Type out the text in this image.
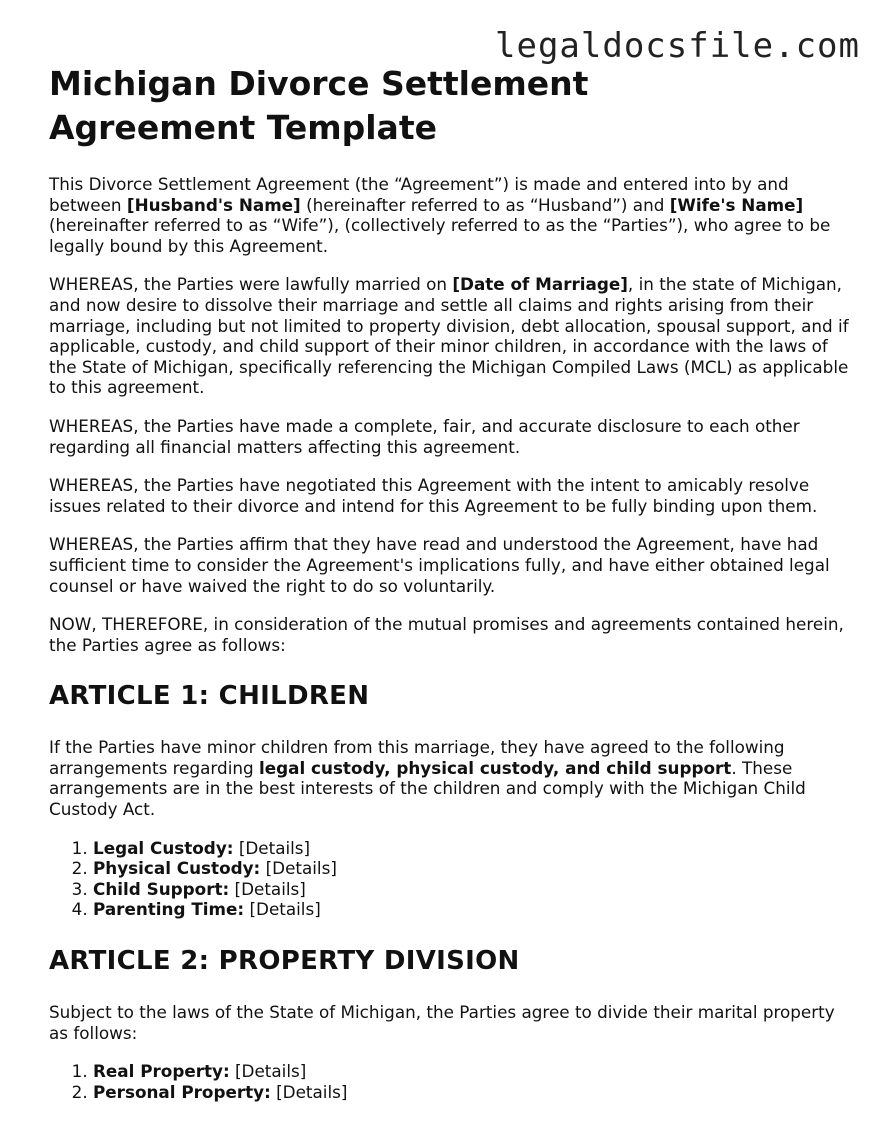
legaldocsfile.com
Michigan Divorce Settlement Agreement Template

This Divorce Settlement Agreement (the “Agreement”) is made and entered into by and between [Husband's Name] (hereinafter referred to as “Husband”) and [Wife's Name] (hereinafter referred to as “Wife”), (collectively referred to as the “Parties”), who agree to be legally bound by this Agreement.

WHEREAS, the Parties were lawfully married on [Date of Marriage], in the state of Michigan, and now desire to dissolve their marriage and settle all claims and rights arising from their marriage, including but not limited to property division, debt allocation, spousal support, and if applicable, custody, and child support of their minor children, in accordance with the laws of the State of Michigan, specifically referencing the Michigan Compiled Laws (MCL) as applicable to this agreement.

WHEREAS, the Parties have made a complete, fair, and accurate disclosure to each other regarding all financial matters affecting this agreement.

WHEREAS, the Parties have negotiated this Agreement with the intent to amicably resolve issues related to their divorce and intend for this Agreement to be fully binding upon them.

WHEREAS, the Parties affirm that they have read and understood the Agreement, have had sufficient time to consider the Agreement's implications fully, and have either obtained legal counsel or have waived the right to do so voluntarily.

NOW, THEREFORE, in consideration of the mutual promises and agreements contained herein, the Parties agree as follows:

ARTICLE 1: CHILDREN

If the Parties have minor children from this marriage, they have agreed to the following arrangements regarding legal custody, physical custody, and child support. These arrangements are in the best interests of the children and comply with the Michigan Child Custody Act.

1. Legal Custody: [Details]
2. Physical Custody: [Details]
3. Child Support: [Details]
4. Parenting Time: [Details]
ARTICLE 2: PROPERTY DIVISION

Subject to the laws of the State of Michigan, the Parties agree to divide their marital property as follows:

1. Real Property: [Details]
2. Personal Property: [Details]
